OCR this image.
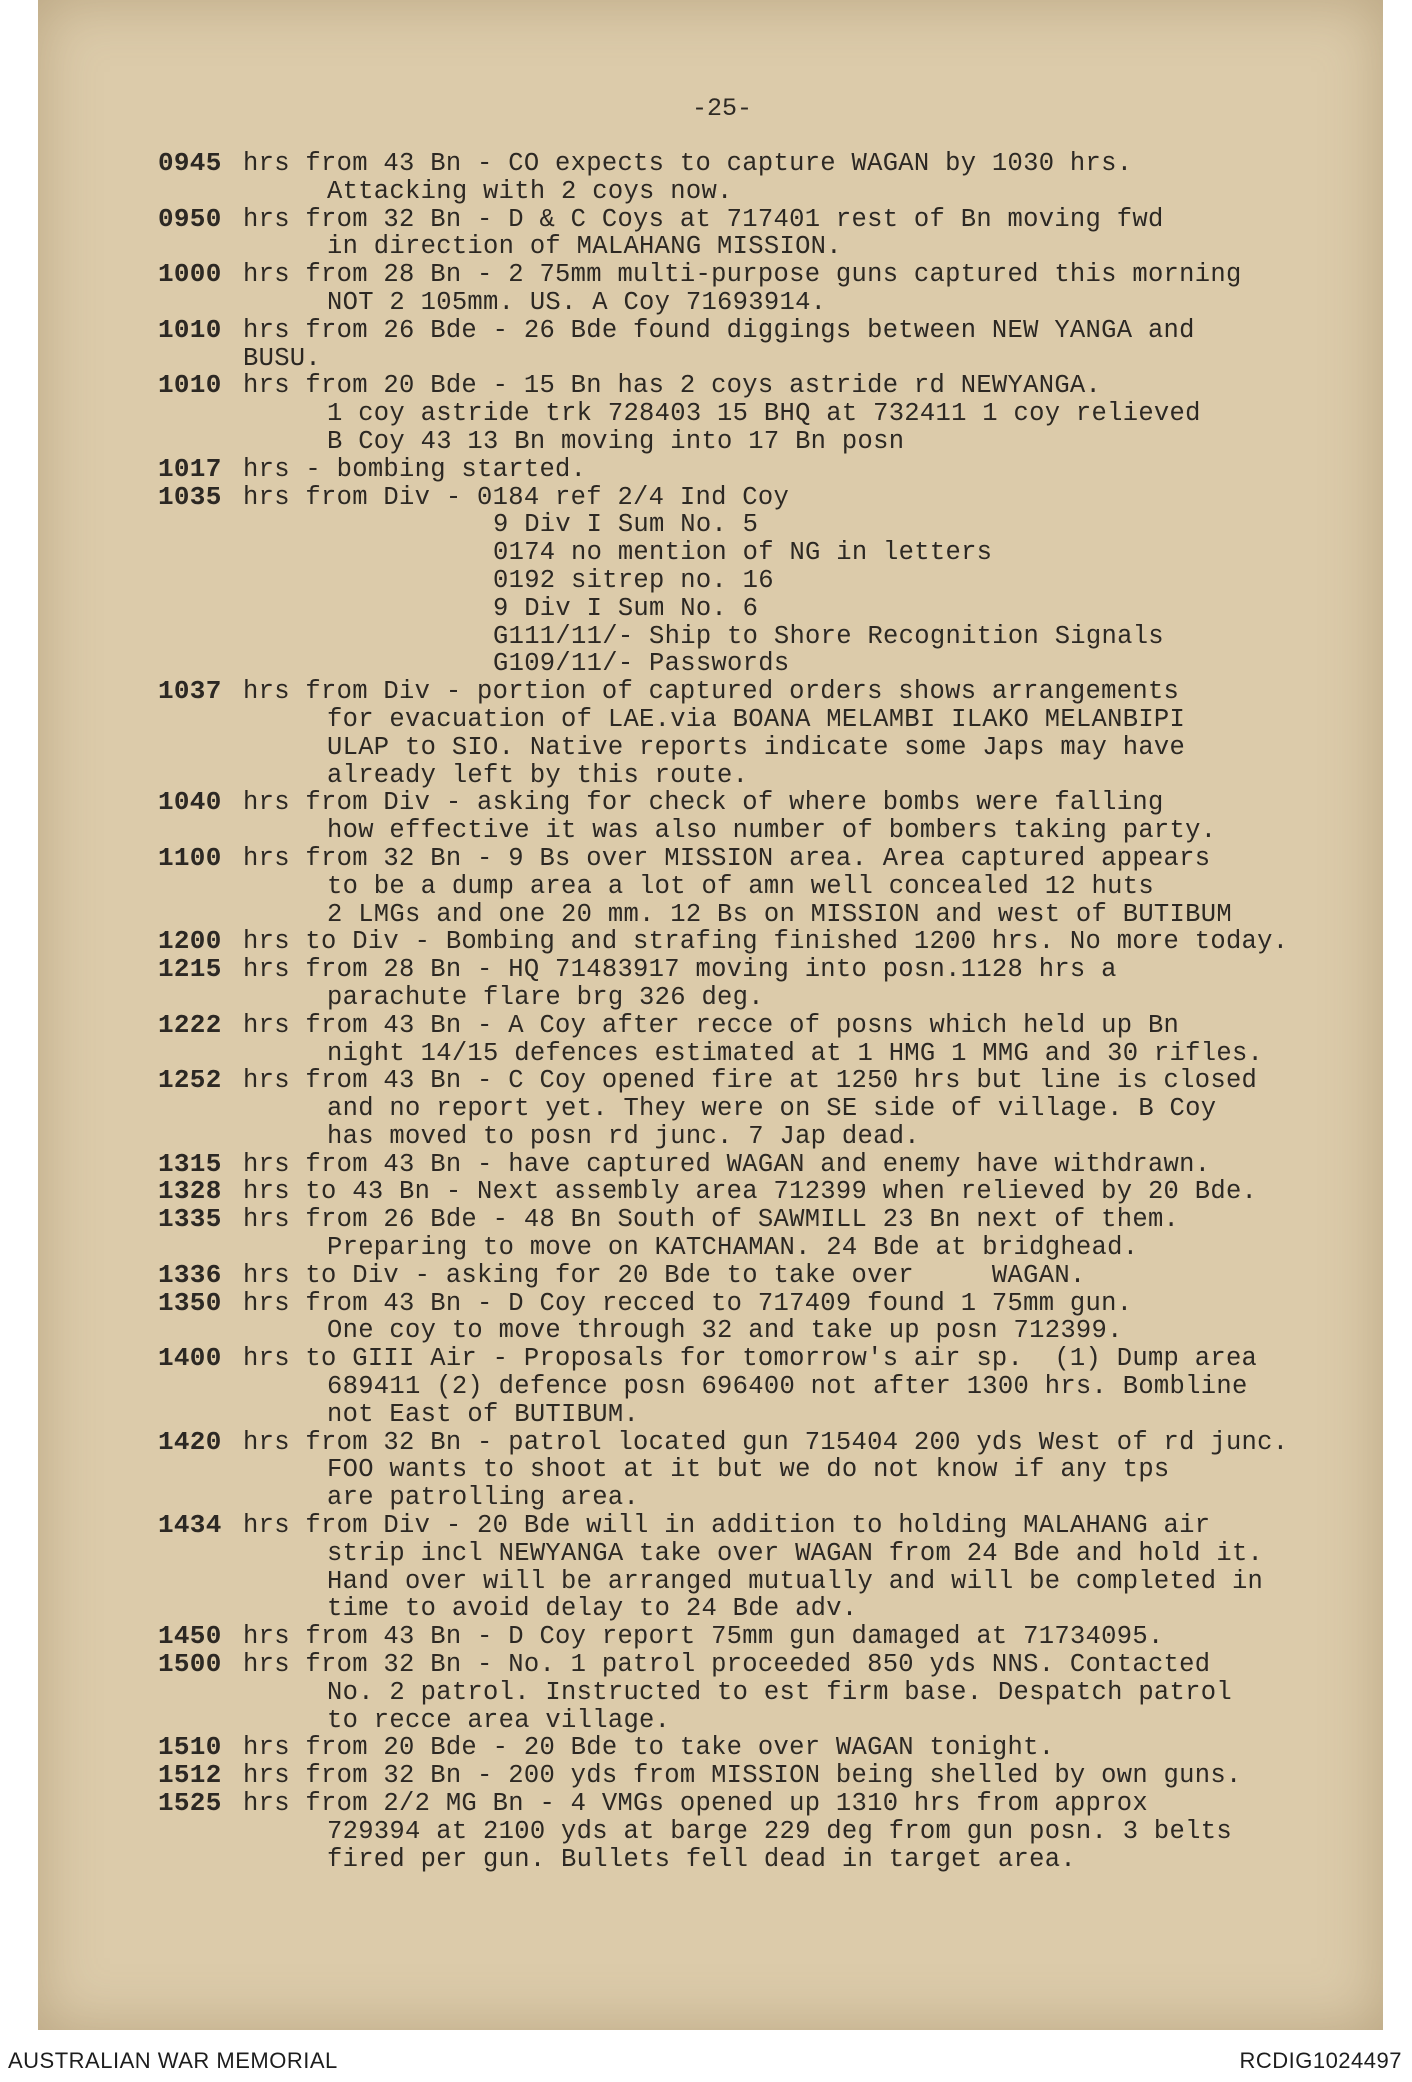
-25-
0945 hrs from 43 Bn - CO expects to capture WAGAN by 1030 hrs.
Attacking with 2 coys now.
0950 hrs from 32 Bn - D & C Coys at 717401 rest of Bn moving fwd
in direction of MALAHANG MISSION.
1000 hrs from 28 Bn - 2 75mm multi-purpose guns captured this morning
NOT 2 105mm. US. A Coy 71693914.
1010 hrs from 26 Bde - 26 Bde found diggings between NEW YANGA and
BUSU.
1010 hrs from 20 Bde - 15 Bn has 2 coys astride rd NEWYANGA.
1 coy astride trk 728403 15 BHQ at 732411 1 coy relieved
B Coy 43 13 Bn moving into 17 Bn posn
1017 hrs - bombing started.
1035 hrs from Div - 0184 ref 2/4 Ind Coy
9 Div I Sum No. 5
0174 no mention of NG in letters
0192 sitrep no. 16
9 Div I Sum No. 6
G111/11/- Ship to Shore Recognition Signals
G109/11/- Passwords
1037 hrs from Div - portion of captured orders shows arrangements
for evacuation of LAE.via BOANA MELAMBI ILAKO MELANBIPI
ULAP to SIO. Native reports indicate some Japs may have
already left by this route.
1040 hrs from Div - asking for check of where bombs were falling
how effective it was also number of bombers taking party.
1100 hrs from 32 Bn - 9 Bs over MISSION area. Area captured appears
to be a dump area a lot of amn well concealed 12 huts
2 LMGs and one 20 mm. 12 Bs on MISSION and west of BUTIBUM
1200 hrs to Div - Bombing and strafing finished 1200 hrs. No more today.
1215 hrs from 28 Bn - HQ 71483917 moving into posn.1128 hrs a
parachute flare brg 326 deg.
1222 hrs from 43 Bn - A Coy after recce of posns which held up Bn
night 14/15 defences estimated at 1 HMG 1 MMG and 30 rifles.
1252 hrs from 43 Bn - C Coy opened fire at 1250 hrs but line is closed
and no report yet. They were on SE side of village. B Coy
has moved to posn rd junc. 7 Jap dead.
1315 hrs from 43 Bn - have captured WAGAN and enemy have withdrawn.
1328 hrs to 43 Bn - Next assembly area 712399 when relieved by 20 Bde.
1335 hrs from 26 Bde - 48 Bn South of SAWMILL 23 Bn next of them.
Preparing to move on KATCHAMAN. 24 Bde at bridghead.
1336 hrs to Div - asking for 20 Bde to take over     WAGAN.
1350 hrs from 43 Bn - D Coy recced to 717409 found 1 75mm gun.
One coy to move through 32 and take up posn 712399.
1400 hrs to GIII Air - Proposals for tomorrow's air sp.  (1) Dump area
689411 (2) defence posn 696400 not after 1300 hrs. Bombline
not East of BUTIBUM.
1420 hrs from 32 Bn - patrol located gun 715404 200 yds West of rd junc.
FOO wants to shoot at it but we do not know if any tps
are patrolling area.
1434 hrs from Div - 20 Bde will in addition to holding MALAHANG air
strip incl NEWYANGA take over WAGAN from 24 Bde and hold it.
Hand over will be arranged mutually and will be completed in
time to avoid delay to 24 Bde adv.
1450 hrs from 43 Bn - D Coy report 75mm gun damaged at 71734095.
1500 hrs from 32 Bn - No. 1 patrol proceeded 850 yds NNS. Contacted
No. 2 patrol. Instructed to est firm base. Despatch patrol
to recce area village.
1510 hrs from 20 Bde - 20 Bde to take over WAGAN tonight.
1512 hrs from 32 Bn - 200 yds from MISSION being shelled by own guns.
1525 hrs from 2/2 MG Bn - 4 VMGs opened up 1310 hrs from approx
729394 at 2100 yds at barge 229 deg from gun posn. 3 belts
fired per gun. Bullets fell dead in target area.
AUSTRALIAN WAR MEMORIAL	RCDIG1024497
